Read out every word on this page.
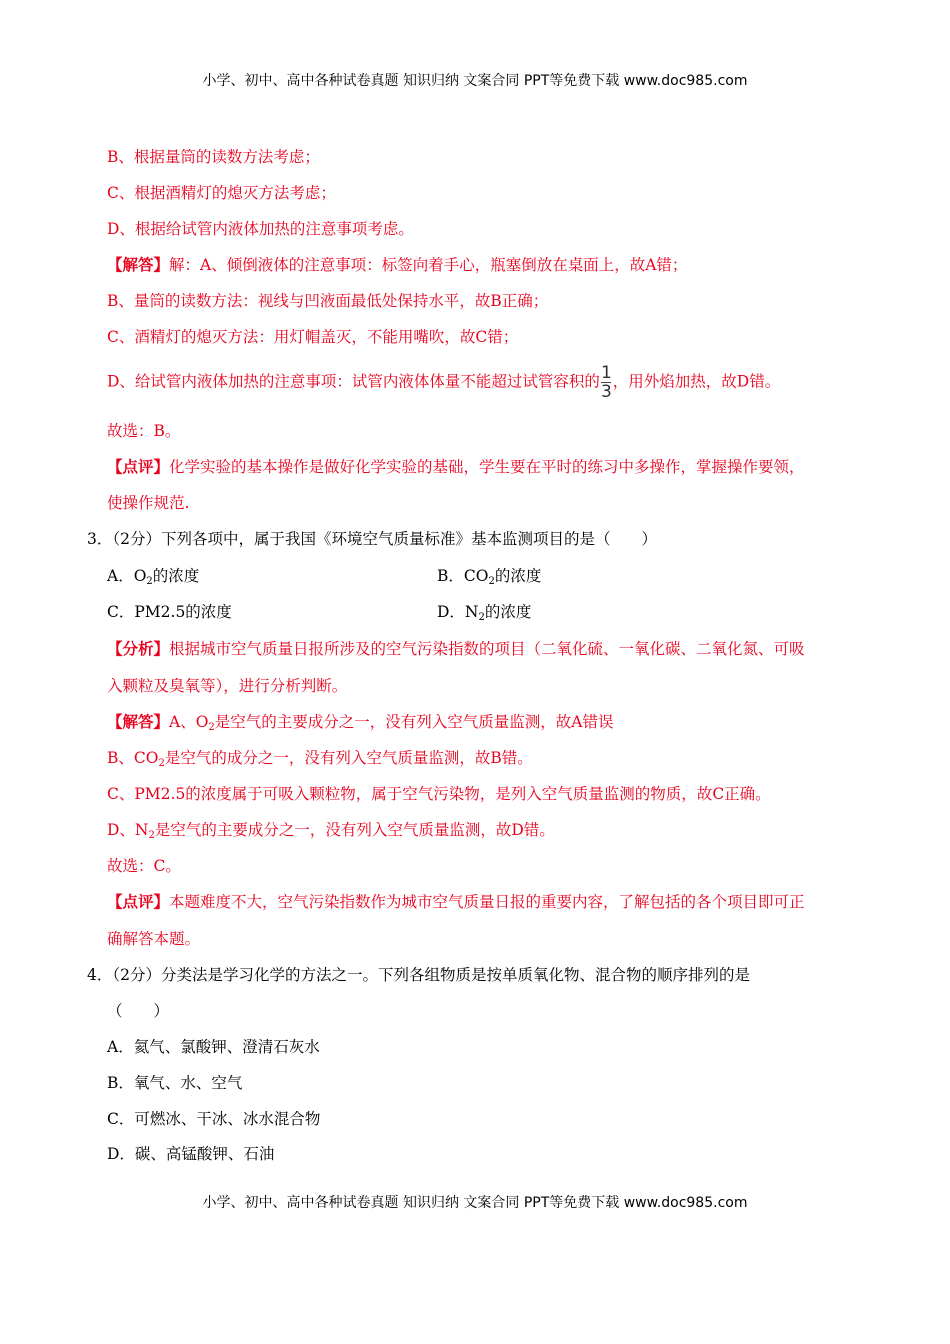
小学、初中、高中各种试卷真题 知识归纳 文案合同 PPT等免费下载 www.doc985.com
B、根据量筒的读数方法考虑；
C、根据酒精灯的熄灭方法考虑；
D、根据给试管内液体加热的注意事项考虑。
【解答】解：A、倾倒液体的注意事项：标签向着手心，瓶塞倒放在桌面上，故A错；
B、量筒的读数方法：视线与凹液面最低处保持水平，故B正确；
C、酒精灯的熄灭方法：用灯帽盖灭，不能用嘴吹，故C错；
D、给试管内液体加热的注意事项：试管内液体体量不能超过试管容积的 $\frac{1}{3}$ ，用外焰加热，故D错。
故选：B。
【点评】化学实验的基本操作是做好化学实验的基础，学生要在平时的练习中多操作，掌握操作要领，
使操作规范.
3．（2分）下列各项中，属于我国《环境空气质量标准》基本监测项目的是（　　）
A．$O_2$的浓度	B．$CO_2$的浓度
C．PM2.5的浓度	D．$N_2$的浓度
【分析】根据城市空气质量日报所涉及的空气污染指数的项目（二氧化硫、一氧化碳、二氧化氮、可吸
入颗粒及臭氧等），进行分析判断。
【解答】A、$O_2$是空气的主要成分之一，没有列入空气质量监测，故A错误
B、$CO_2$是空气的成分之一，没有列入空气质量监测，故B错。
C、PM2.5的浓度属于可吸入颗粒物，属于空气污染物，是列入空气质量监测的物质，故C正确。
D、$N_2$是空气的主要成分之一，没有列入空气质量监测，故D错。
故选：C。
【点评】本题难度不大，空气污染指数作为城市空气质量日报的重要内容，了解包括的各个项目即可正
确解答本题。
4．（2分）分类法是学习化学的方法之一。下列各组物质是按单质氧化物、混合物的顺序排列的是
（　　）
A．氦气、氯酸钾、澄清石灰水
B．氧气、水、空气
C．可燃冰、干冰、冰水混合物
D．碳、高锰酸钾、石油
小学、初中、高中各种试卷真题 知识归纳 文案合同 PPT等免费下载 www.doc985.com
